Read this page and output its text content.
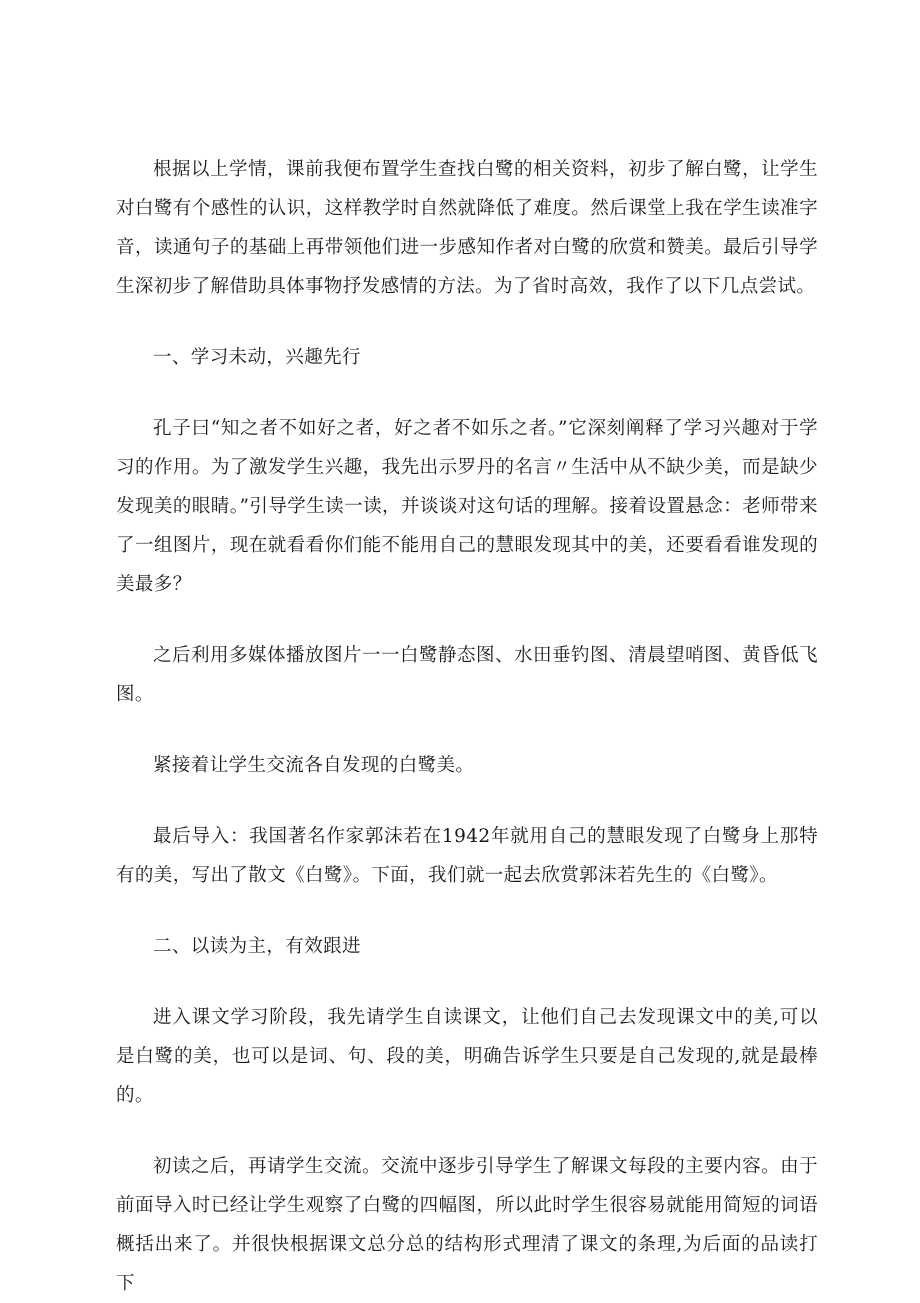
根据以上学情，课前我便布置学生查找白鹭的相关资料，初步了解白鹭，让学生对白鹭有个感性的认识，这样教学时自然就降低了难度。然后课堂上我在学生读准字音，读通句子的基础上再带领他们进一步感知作者对白鹭的欣赏和赞美。最后引导学生深初步了解借助具体事物抒发感情的方法。为了省时高效，我作了以下几点尝试。

一、学习未动，兴趣先行

孔子曰“知之者不如好之者，好之者不如乐之者。”它深刻阐释了学习兴趣对于学习的作用。为了激发学生兴趣，我先出示罗丹的名言〃生活中从不缺少美，而是缺少发现美的眼睛。”引导学生读一读，并谈谈对这句话的理解。接着设置悬念：老师带来了一组图片，现在就看看你们能不能用自己的慧眼发现其中的美，还要看看谁发现的美最多？

之后利用多媒体播放图片一一白鹭静态图、水田垂钓图、清晨望哨图、黄昏低飞图。

紧接着让学生交流各自发现的白鹭美。

最后导入：我国著名作家郭沫若在1942年就用自己的慧眼发现了白鹭身上那特有的美，写出了散文《白鹭》。下面，我们就一起去欣赏郭沫若先生的《白鹭》。

二、以读为主，有效跟进

进入课文学习阶段，我先请学生自读课文，让他们自己去发现课文中的美,可以是白鹭的美，也可以是词、句、段的美，明确告诉学生只要是自己发现的,就是最棒的。

初读之后，再请学生交流。交流中逐步引导学生了解课文每段的主要内容。由于前面导入时已经让学生观察了白鹭的四幅图，所以此时学生很容易就能用简短的词语概括出来了。并很快根据课文总分总的结构形式理清了课文的条理,为后面的品读打下
